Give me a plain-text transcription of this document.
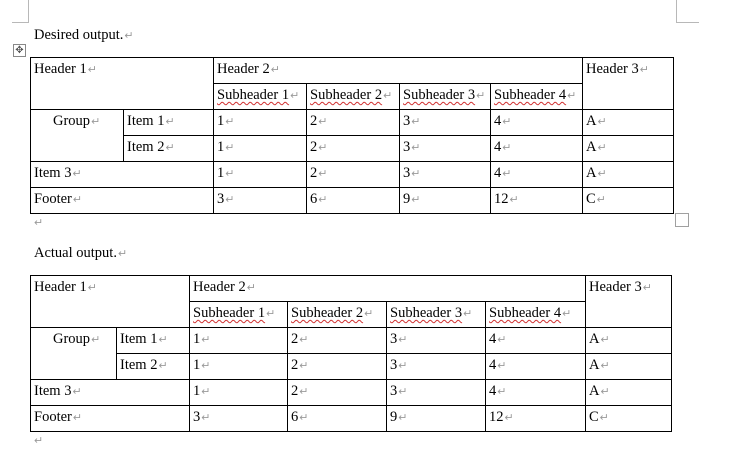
✥
Desired output.↵
Header 1↵		Header 2↵				Header 3↵
		Subheader 1↵	Subheader 2↵	Subheader 3↵	Subheader 4↵	
Group↵	Item 1↵	1↵	2↵	3↵	4↵	A↵
	Item 2↵	1↵	2↵	3↵	4↵	A↵
Item 3↵		1↵	2↵	3↵	4↵	A↵
Footer↵		3↵	6↵	9↵	12↵	C↵
↵
Actual output.↵
Header 1↵		Header 2↵				Header 3↵
		Subheader 1↵	Subheader 2↵	Subheader 3↵	Subheader 4↵	
Group↵	Item 1↵	1↵	2↵	3↵	4↵	A↵
	Item 2↵	1↵	2↵	3↵	4↵	A↵
Item 3↵		1↵	2↵	3↵	4↵	A↵
Footer↵		3↵	6↵	9↵	12↵	C↵
↵
